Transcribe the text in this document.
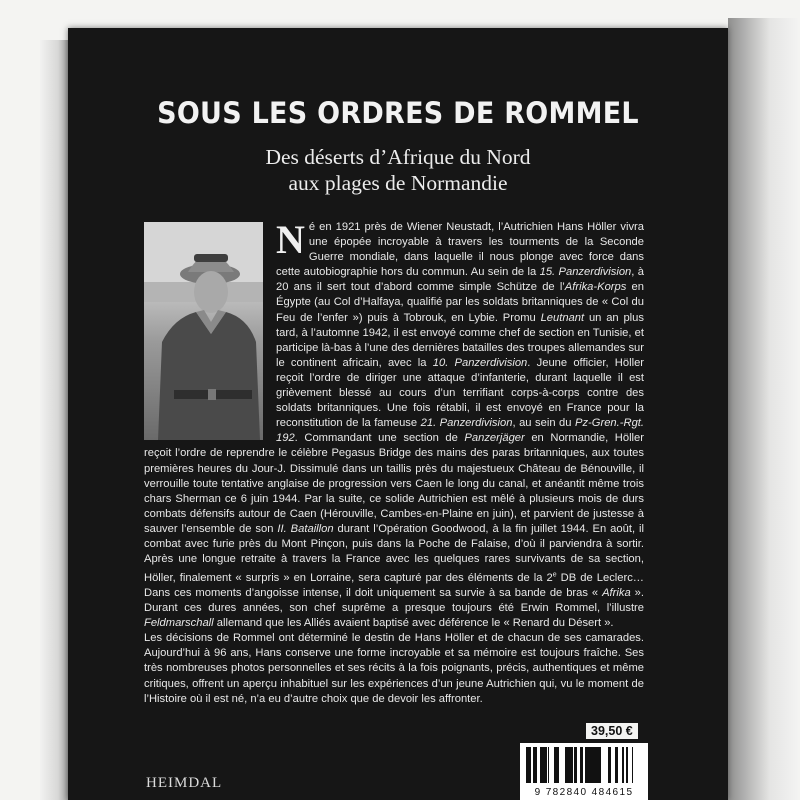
SOUS LES ORDRES DE ROMMEL
Des déserts d’Afrique du Nord
aux plages de Normandie

Né en 1921 près de Wiener Neustadt, l’Autrichien Hans Höller vivra une épopée incroyable à travers les tourments de la Seconde Guerre mondiale, dans laquelle il nous plonge avec force dans cette autobiographie hors du commun. Au sein de la 15. Panzerdivision, à 20 ans il sert tout d’abord comme simple Schütze de l’Afrika-Korps en Égypte (au Col d’Halfaya, qualifié par les soldats britanniques de « Col du Feu de l’enfer ») puis à Tobrouk, en Lybie. Promu Leutnant un an plus tard, à l’automne 1942, il est envoyé comme chef de section en Tunisie, et participe là-bas à l’une des dernières batailles des troupes allemandes sur le continent africain, avec la 10. Panzerdivision. Jeune officier, Höller reçoit l’ordre de diriger une attaque d’infanterie, durant laquelle il est grièvement blessé au cours d’un terrifiant corps-à-corps contre des soldats britanniques. Une fois rétabli, il est envoyé en France pour la reconstitution de la fameuse 21. Panzerdivision, au sein du Pz-Gren.-Rgt. 192. Commandant une section de Panzerjäger en Normandie, Höller reçoit l’ordre de reprendre le célèbre Pegasus Bridge des mains des paras britanniques, aux toutes premières heures du Jour-J. Dissimulé dans un taillis près du majestueux Château de Bénouville, il verrouille toute tentative anglaise de progression vers Caen le long du canal, et anéantit même trois chars Sherman ce 6 juin 1944. Par la suite, ce solide Autrichien est mêlé à plusieurs mois de durs combats défensifs autour de Caen (Hérouville, Cambes-en-Plaine en juin), et parvient de justesse à sauver l’ensemble de son II. Bataillon durant l’Opération Goodwood, à la fin juillet 1944. En août, il combat avec furie près du Mont Pinçon, puis dans la Poche de Falaise, d’où il parviendra à sortir. Après une longue retraite à travers la France avec les quelques rares survivants de sa section, Höller, finalement « surpris » en Lorraine, sera capturé par des éléments de la 2e DB de Leclerc… Dans ces moments d’angoisse intense, il doit uniquement sa survie à sa bande de bras « Afrika ». Durant ces dures années, son chef suprême a presque toujours été Erwin Rommel, l’illustre Feldmarschall allemand que les Alliés avaient baptisé avec déférence le « Renard du Désert ».

Les décisions de Rommel ont déterminé le destin de Hans Höller et de chacun de ses camarades. Aujourd’hui à 96 ans, Hans conserve une forme incroyable et sa mémoire est toujours fraîche. Ses très nombreuses photos personnelles et ses récits à la fois poignants, précis, authentiques et même critiques, offrent un aperçu inhabituel sur les expériences d’un jeune Autrichien qui, vu le moment de l’Histoire où il est né, n’a eu d’autre choix que de devoir les affronter.

39,50 €
9 782840 484615
HEIMDAL
